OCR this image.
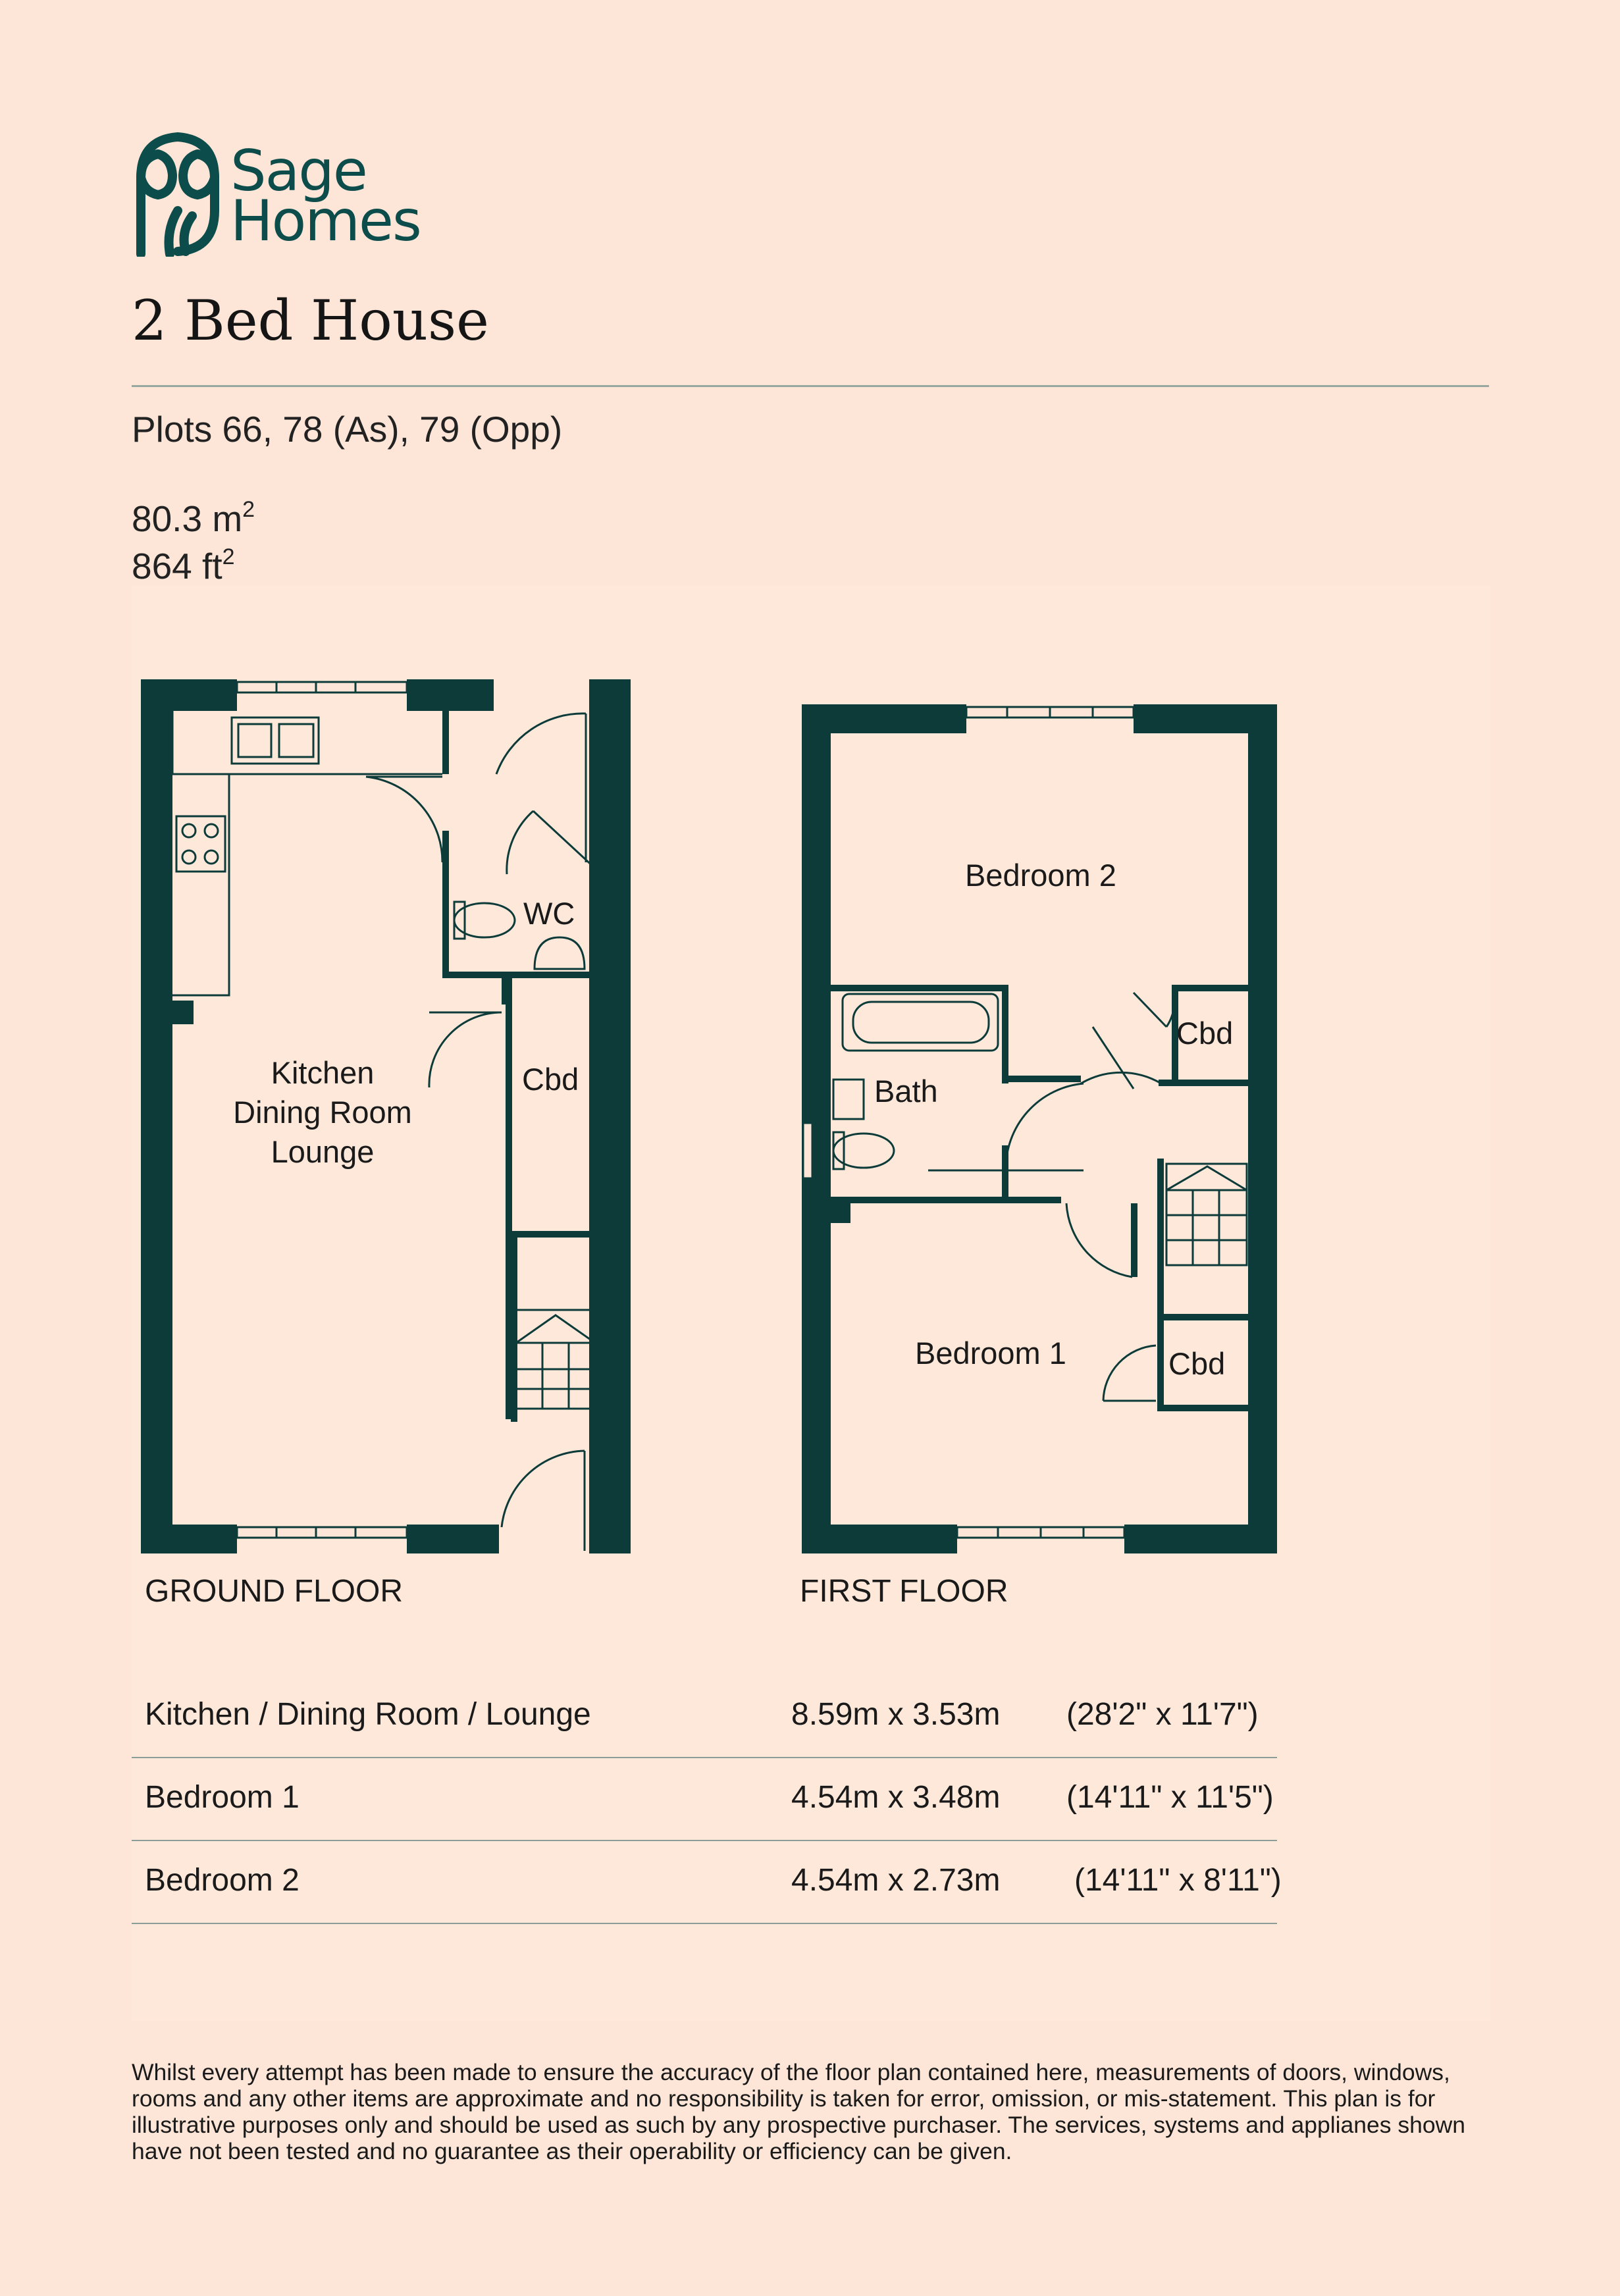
Sage
Homes
2 Bed House
Plots 66, 78 (As), 79 (Opp)
80.3 $m^2$
864 $ft^2$
Kitchen
Dining Room
Lounge
WC
Cbd
GROUND FLOOR
Bedroom 2
Cbd
Bath
Bedroom 1	Cbd
FIRST FLOOR
Kitchen / Dining Room / Lounge	8.59m x 3.53m (28'2" x 11'7")
Bedroom 1	4.54m x 3.48m (14'11" x 11'5")
Bedroom 2	4.54m x 2.73m (14'11" x 8'11")
Whilst every attempt has been made to ensure the accuracy of the floor plan contained here, measurements of doors, windows, rooms and any other items are approximate and no responsibility is taken for error, omission, or mis-statement. This plan is for illustrative purposes only and should be used as such by any prospective purchaser. The services, systems and applianes shown have not been tested and no guarantee as their operability or efficiency can be given.
